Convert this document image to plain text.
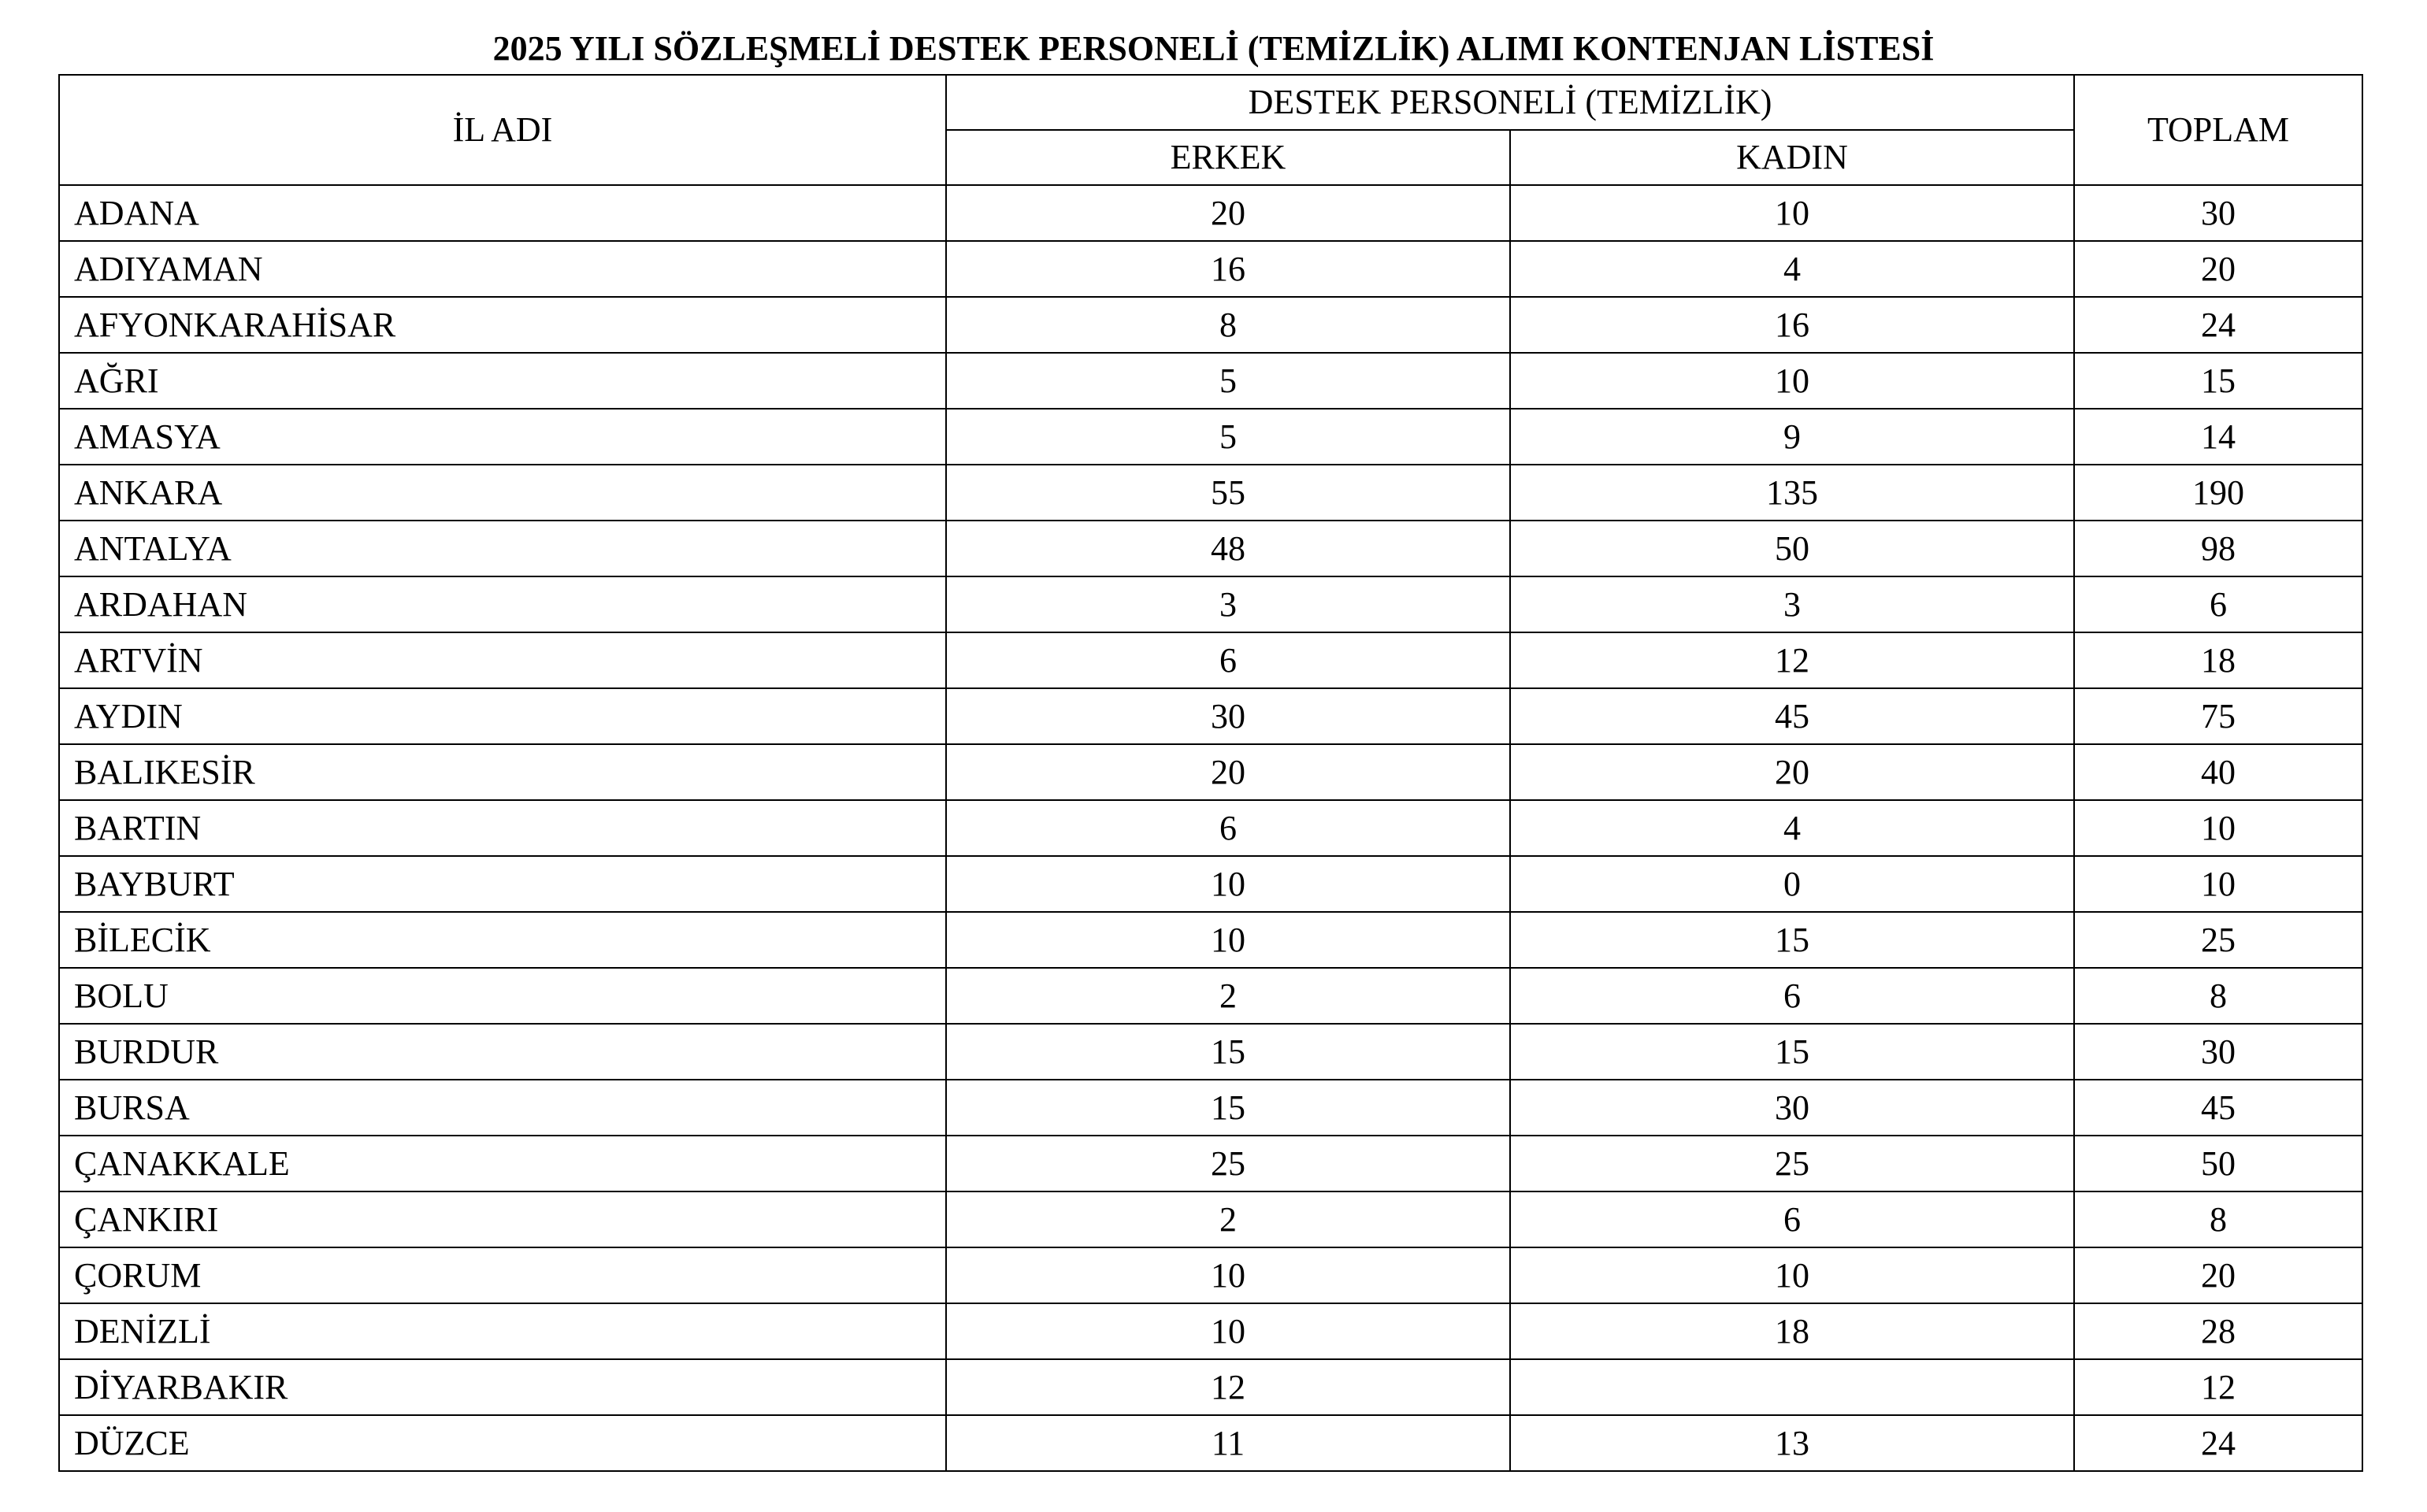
2025 YILI SÖZLEŞMELİ DESTEK PERSONELİ (TEMİZLİK) ALIMI KONTENJAN LİSTESİ
İL ADI	DESTEK PERSONELİ (TEMİZLİK)		TOPLAM
	ERKEK	KADIN	
ADANA	20	10	30
ADIYAMAN	16	4	20
AFYONKARAHİSAR	8	16	24
AĞRI	5	10	15
AMASYA	5	9	14
ANKARA	55	135	190
ANTALYA	48	50	98
ARDAHAN	3	3	6
ARTVİN	6	12	18
AYDIN	30	45	75
BALIKESİR	20	20	40
BARTIN	6	4	10
BAYBURT	10	0	10
BİLECİK	10	15	25
BOLU	2	6	8
BURDUR	15	15	30
BURSA	15	30	45
ÇANAKKALE	25	25	50
ÇANKIRI	2	6	8
ÇORUM	10	10	20
DENİZLİ	10	18	28
DİYARBAKIR	12		12
DÜZCE	11	13	24
